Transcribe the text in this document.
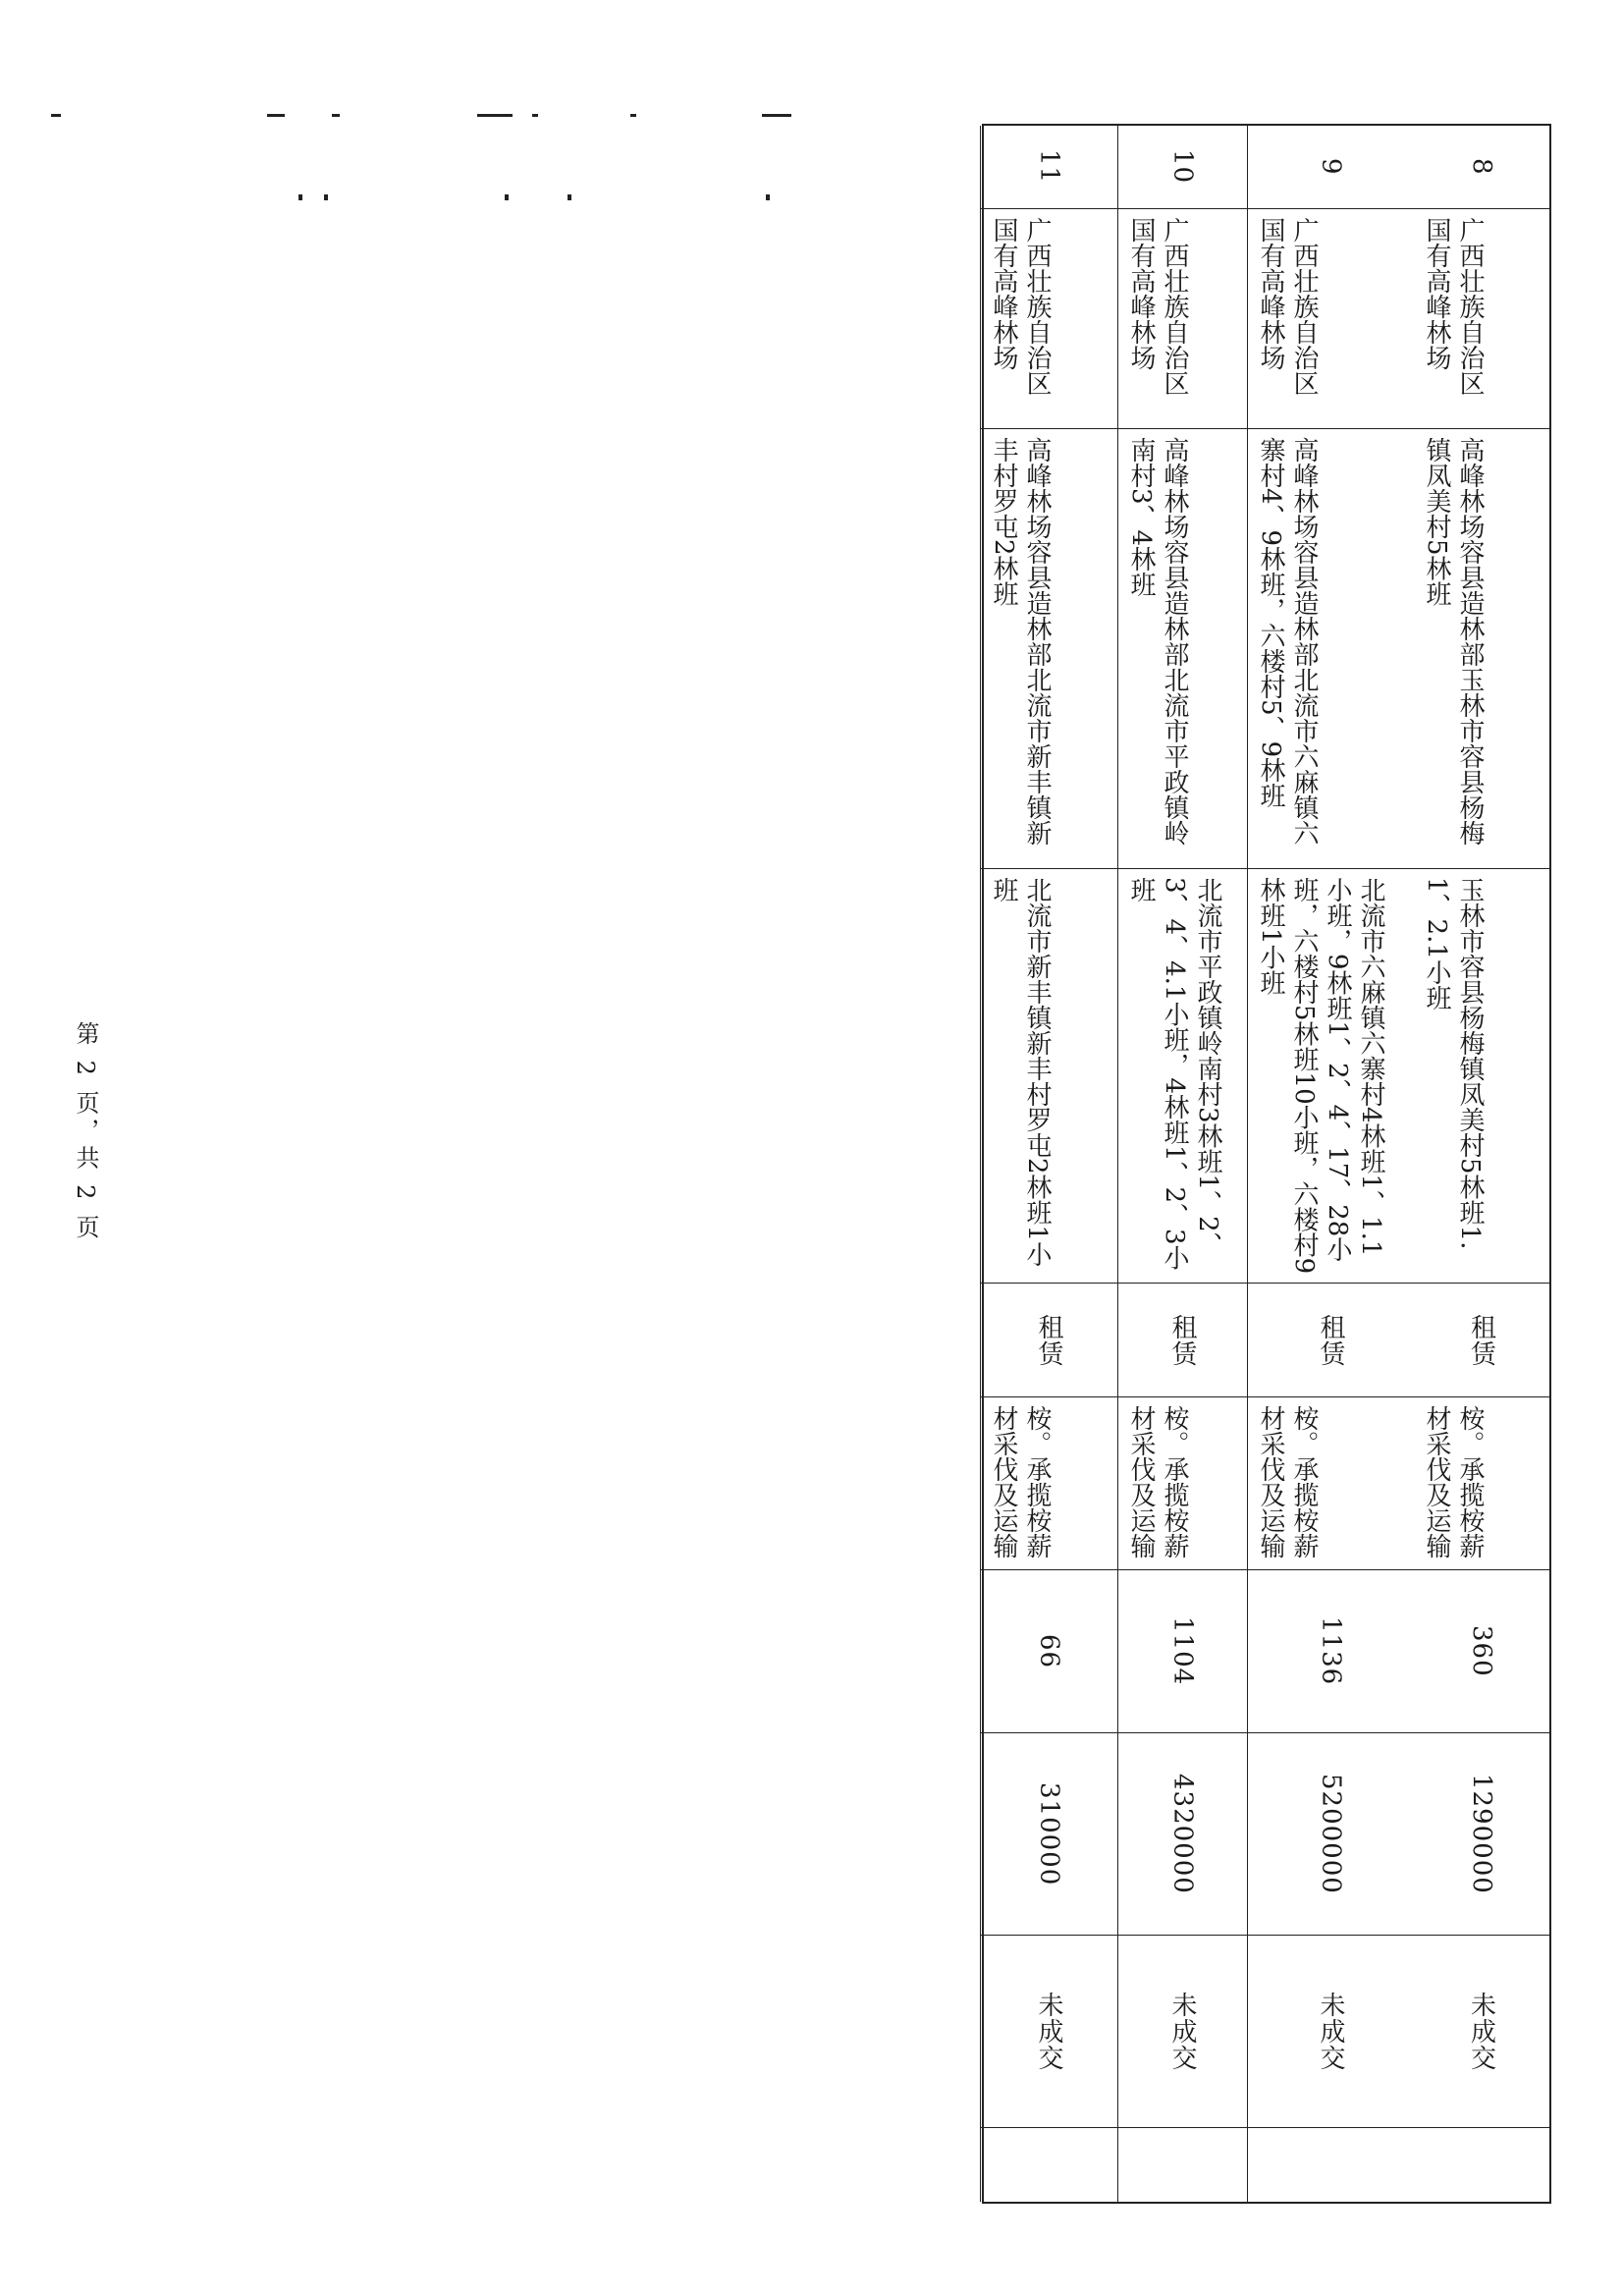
8
广西壮族自治区国有高峰林场
高峰林场容县造林部玉林市容县杨梅镇凤美村5林班
玉林市容县杨梅镇凤美村5林班1.1、2.1小班
租赁
桉。承揽桉薪材采伐及运输
360
1290000
未成交
9
广西壮族自治区国有高峰林场
高峰林场容县造林部北流市六麻镇六寨村4、9林班，六楼村5、9林班
北流市六麻镇六寨村4林班1、1.1小班，9林班1、2、4、17、28小班，六楼村5林班10小班，六楼村9林班1小班
租赁
桉。承揽桉薪材采伐及运输
1136
5200000
未成交
10
广西壮族自治区国有高峰林场
高峰林场容县造林部北流市平政镇岭南村3、4林班
北流市平政镇岭南村3林班1、2、3、4、4.1小班，4林班1、2、3小班
租赁
桉。承揽桉薪材采伐及运输
1104
4320000
未成交
11
广西壮族自治区国有高峰林场
高峰林场容县造林部北流市新丰镇新丰村罗屯2林班
北流市新丰镇新丰村罗屯2林班1小班
租赁
桉。承揽桉薪材采伐及运输
66
310000
未成交
第 2 页，共 2 页
